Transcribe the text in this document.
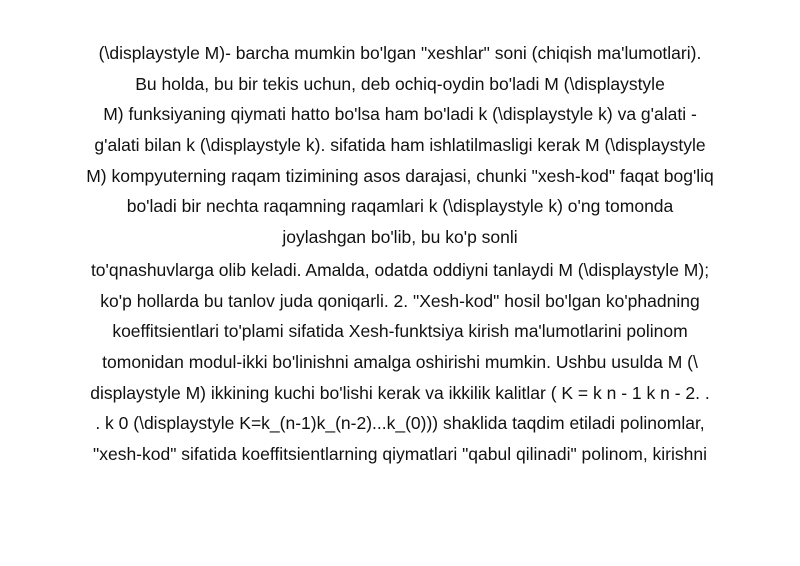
(\displaystyle M)- barcha mumkin bo'lgan "xeshlar" soni (chiqish ma'lumotlari).
Bu holda, bu bir tekis uchun, deb ochiq-oydin bo'ladi M (\displaystyle
M) funksiyaning qiymati hatto bo'lsa ham bo'ladi k (\displaystyle k) va g'alati -
g'alati bilan k (\displaystyle k). sifatida ham ishlatilmasligi kerak M (\displaystyle
M) kompyuterning raqam tizimining asos darajasi, chunki "xesh-kod" faqat bog'liq
bo'ladi bir nechta raqamning raqamlari k (\displaystyle k) o'ng tomonda
joylashgan bo'lib, bu ko'p sonli
to'qnashuvlarga olib keladi. Amalda, odatda oddiyni tanlaydi M (\displaystyle M);
ko'p hollarda bu tanlov juda qoniqarli. 2. "Xesh-kod" hosil bo'lgan ko'phadning
koeffitsientlari to'plami sifatida Xesh-funktsiya kirish ma'lumotlarini polinom
tomonidan modul-ikki bo'linishni amalga oshirishi mumkin. Ushbu usulda M (\
displaystyle M) ikkining kuchi bo'lishi kerak va ikkilik kalitlar ( K = k n - 1 k n - 2. .
. k 0 (\displaystyle K=k_(n-1)k_(n-2)...k_(0))) shaklida taqdim etiladi polinomlar,
"xesh-kod" sifatida koeffitsientlarning qiymatlari "qabul qilinadi" polinom, kirishni
